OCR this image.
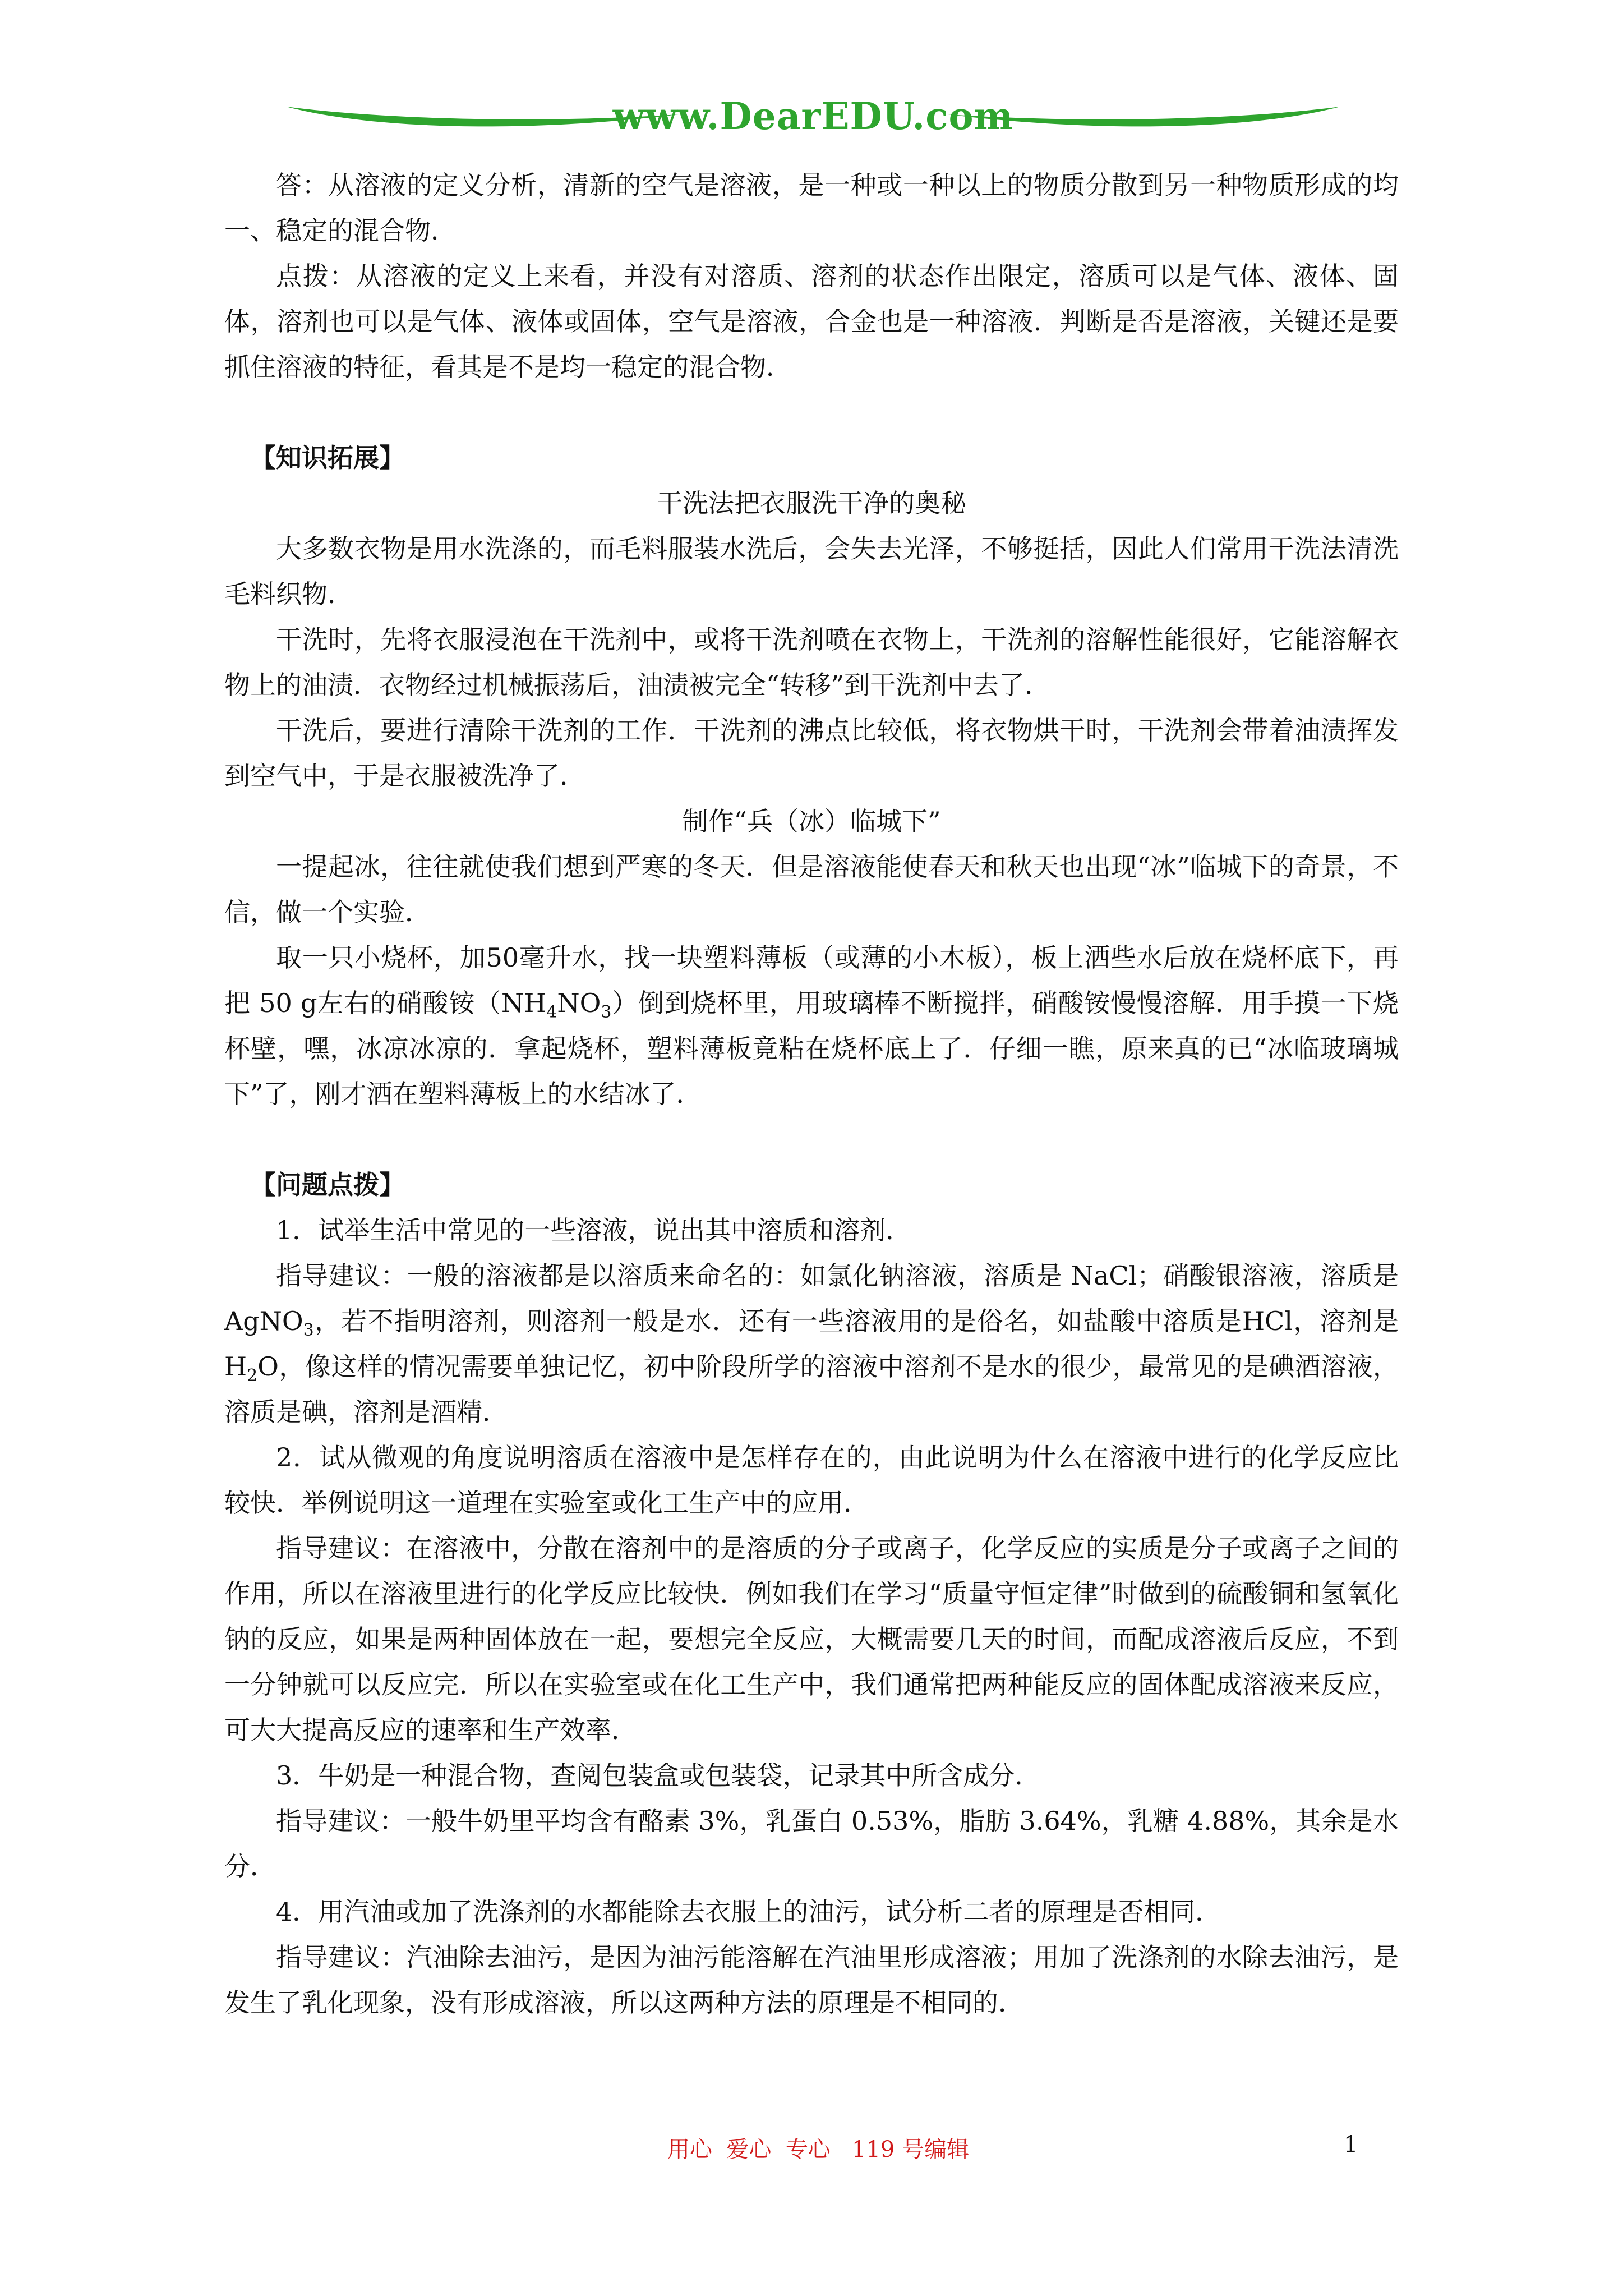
www.DearEDU.com

答：从溶液的定义分析，清新的空气是溶液，是一种或一种以上的物质分散到另一种物质形成的均一、稳定的混合物．

点拨：从溶液的定义上来看，并没有对溶质、溶剂的状态作出限定，溶质可以是气体、液体、固体，溶剂也可以是气体、液体或固体，空气是溶液，合金也是一种溶液．判断是否是溶液，关键还是要抓住溶液的特征，看其是不是均一稳定的混合物．

【知识拓展】

干洗法把衣服洗干净的奥秘

大多数衣物是用水洗涤的，而毛料服装水洗后，会失去光泽，不够挺括，因此人们常用干洗法清洗毛料织物．

干洗时，先将衣服浸泡在干洗剂中，或将干洗剂喷在衣物上，干洗剂的溶解性能很好，它能溶解衣物上的油渍．衣物经过机械振荡后，油渍被完全“转移”到干洗剂中去了．

干洗后，要进行清除干洗剂的工作．干洗剂的沸点比较低，将衣物烘干时，干洗剂会带着油渍挥发到空气中，于是衣服被洗净了．

制作“兵（冰）临城下”

一提起冰，往往就使我们想到严寒的冬天．但是溶液能使春天和秋天也出现“冰”临城下的奇景，不信，做一个实验．

取一只小烧杯，加50毫升水，找一块塑料薄板（或薄的小木板），板上洒些水后放在烧杯底下，再把 50 g左右的硝酸铵$(NH_4NO_3)$倒到烧杯里，用玻璃棒不断搅拌，硝酸铵慢慢溶解．用手摸一下烧杯壁，嘿，冰凉冰凉的．拿起烧杯，塑料薄板竟粘在烧杯底上了．仔细一瞧，原来真的已“冰临玻璃城下”了，刚才洒在塑料薄板上的水结冰了．

【问题点拨】

1．试举生活中常见的一些溶液，说出其中溶质和溶剂．

指导建议：一般的溶液都是以溶质来命名的：如氯化钠溶液，溶质是 NaCl；硝酸银溶液，溶质是 AgNO$_3$，若不指明溶剂，则溶剂一般是水．还有一些溶液用的是俗名，如盐酸中溶质是HCl，溶剂是 $H_2O$，像这样的情况需要单独记忆，初中阶段所学的溶液中溶剂不是水的很少，最常见的是碘酒溶液，溶质是碘，溶剂是酒精．

2．试从微观的角度说明溶质在溶液中是怎样存在的，由此说明为什么在溶液中进行的化学反应比较快．举例说明这一道理在实验室或化工生产中的应用．

指导建议：在溶液中，分散在溶剂中的是溶质的分子或离子，化学反应的实质是分子或离子之间的作用，所以在溶液里进行的化学反应比较快．例如我们在学习“质量守恒定律”时做到的硫酸铜和氢氧化钠的反应，如果是两种固体放在一起，要想完全反应，大概需要几天的时间，而配成溶液后反应，不到一分钟就可以反应完．所以在实验室或在化工生产中，我们通常把两种能反应的固体配成溶液来反应，可大大提高反应的速率和生产效率．

3．牛奶是一种混合物，查阅包装盒或包装袋，记录其中所含成分．

指导建议：一般牛奶里平均含有酪素 3%，乳蛋白 0.53%，脂肪 3.64%，乳糖 4.88%，其余是水分．

4．用汽油或加了洗涤剂的水都能除去衣服上的油污，试分析二者的原理是否相同．

指导建议：汽油除去油污，是因为油污能溶解在汽油里形成溶液；用加了洗涤剂的水除去油污，是发生了乳化现象，没有形成溶液，所以这两种方法的原理是不相同的．

用心  爱心  专心   119 号编辑	1
